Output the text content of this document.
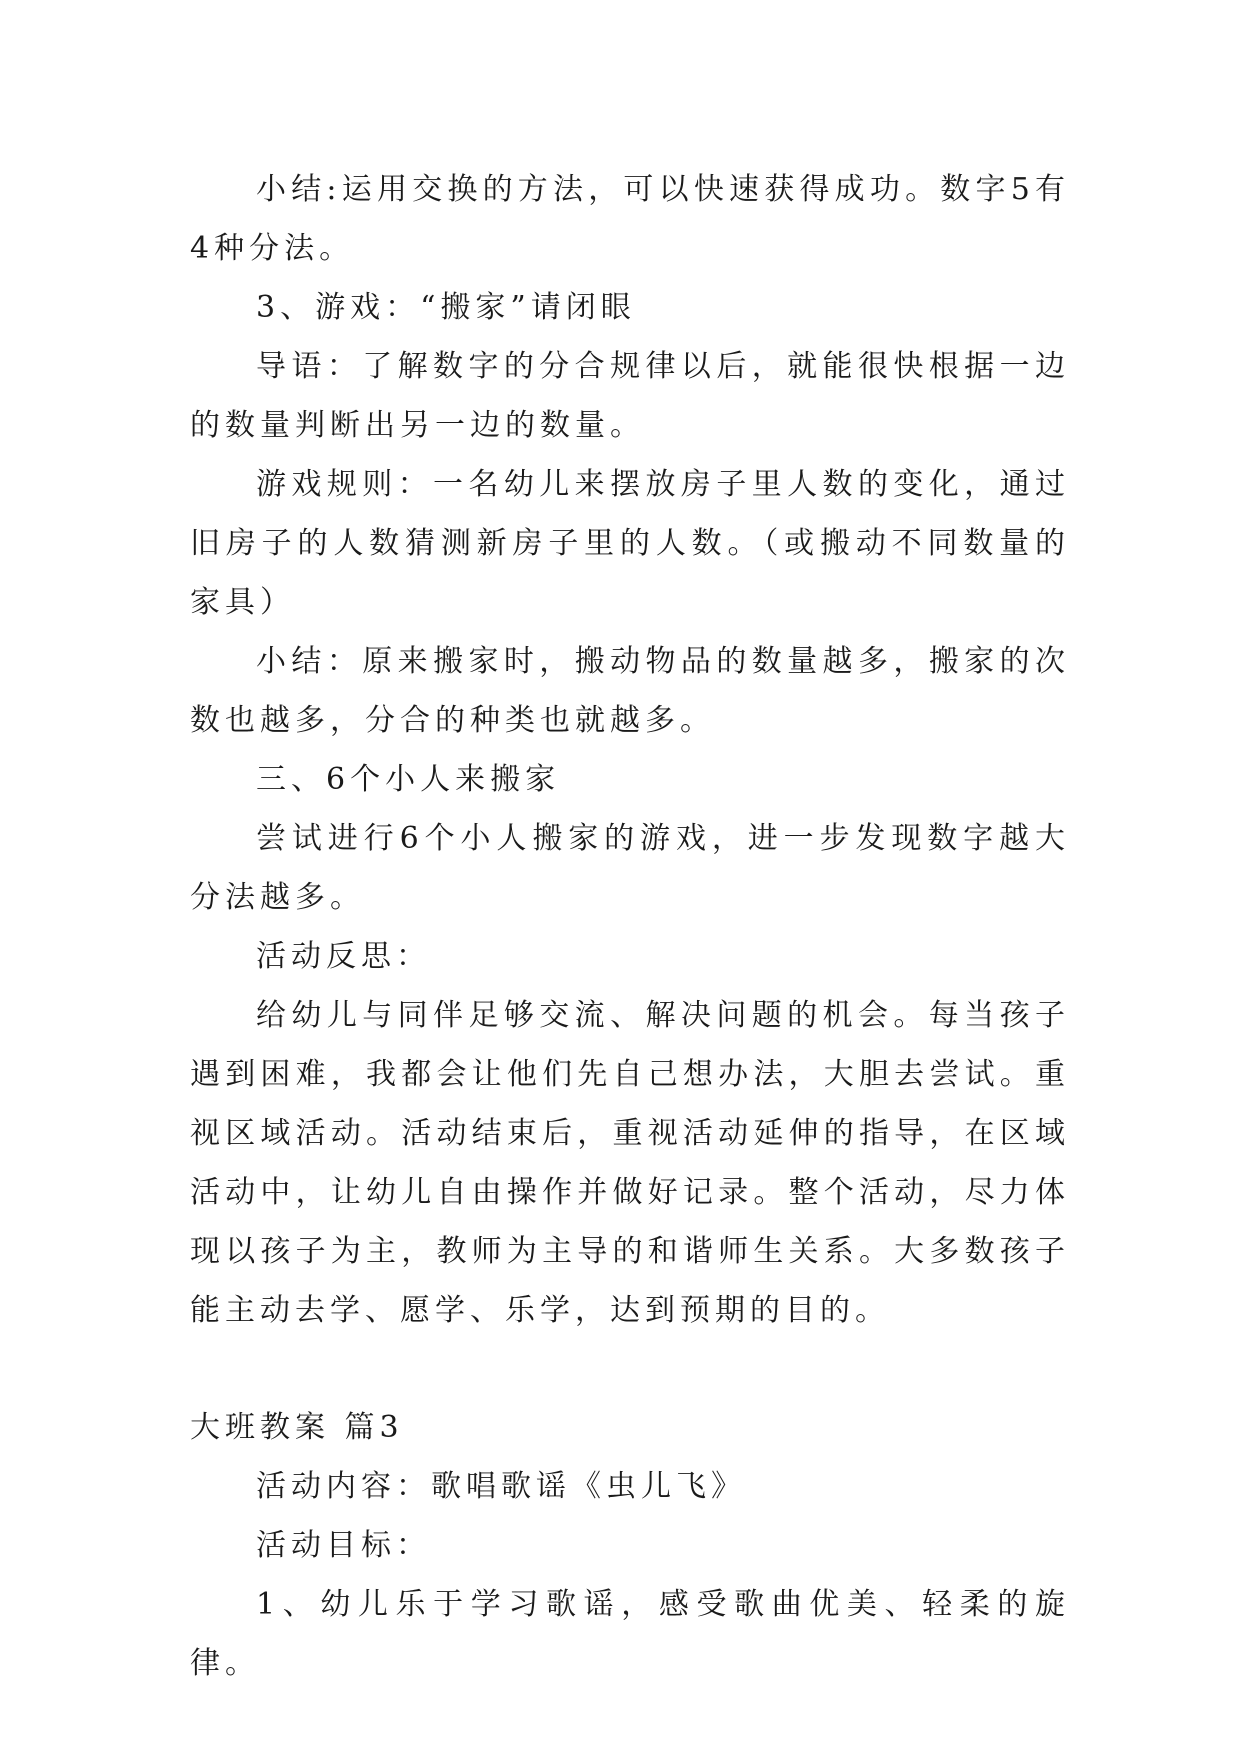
小结:运用交换的方法，可以快速获得成功。数字5有4种分法。

3、游戏：“搬家”请闭眼

导语：了解数字的分合规律以后，就能很快根据一边的数量判断出另一边的数量。

游戏规则：一名幼儿来摆放房子里人数的变化，通过旧房子的人数猜测新房子里的人数。（或搬动不同数量的家具）

小结：原来搬家时，搬动物品的数量越多，搬家的次数也越多，分合的种类也就越多。

三、6个小人来搬家

尝试进行6个小人搬家的游戏，进一步发现数字越大分法越多。

活动反思：

给幼儿与同伴足够交流、解决问题的机会。每当孩子遇到困难，我都会让他们先自己想办法，大胆去尝试。重视区域活动。活动结束后，重视活动延伸的指导，在区域活动中，让幼儿自由操作并做好记录。整个活动，尽力体现以孩子为主，教师为主导的和谐师生关系。大多数孩子能主动去学、愿学、乐学，达到预期的目的。

大班教案 篇3

活动内容：歌唱歌谣《虫儿飞》

活动目标：

1、幼儿乐于学习歌谣，感受歌曲优美、轻柔的旋律。
